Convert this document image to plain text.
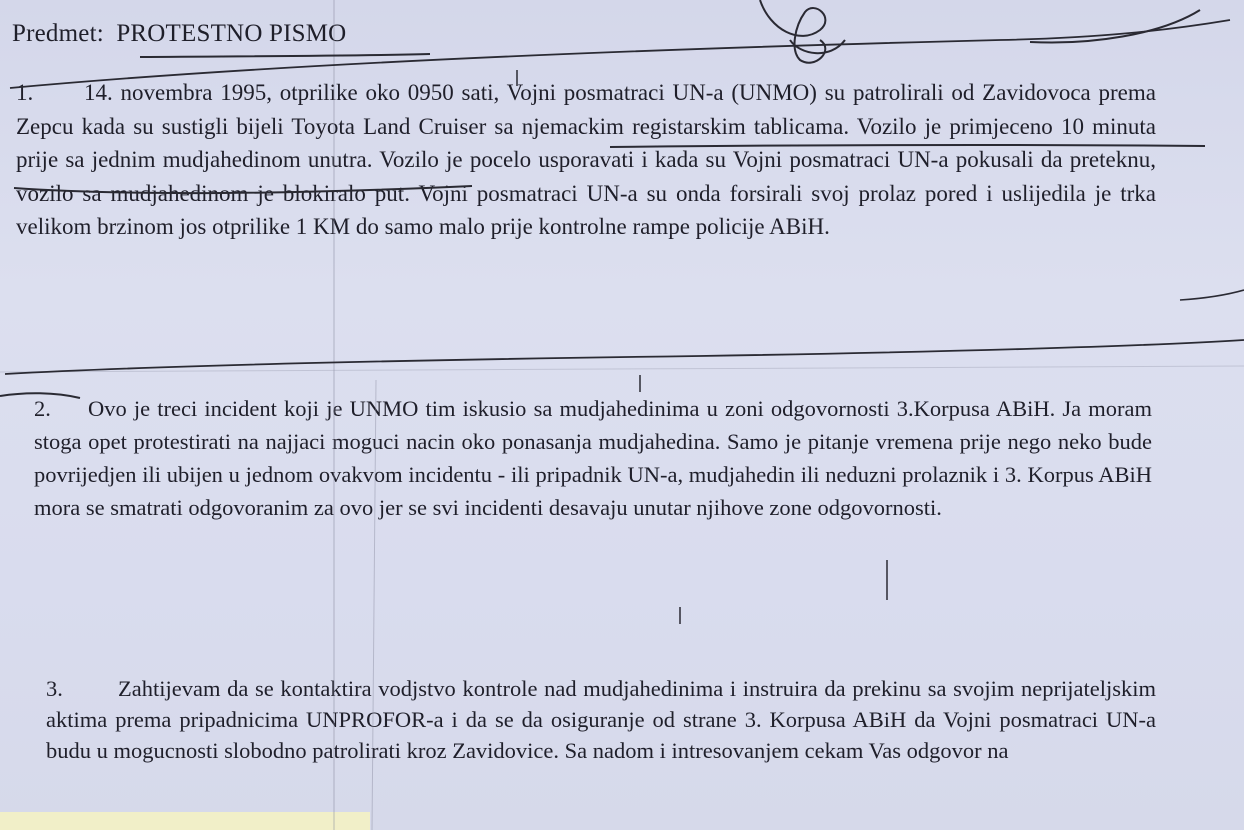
Predmet: PROTESTNO PISMO
1. 14. novembra 1995, otprilike oko 0950 sati, Vojni posmatraci UN-a (UNMO) su patrolirali od Zavidovoca prema Zepcu kada su sustigli bijeli Toyota Land Cruiser sa njemackim registarskim tablicama. Vozilo je primjeceno 10 minuta prije sa jednim mudjahedinom unutra. Vozilo je pocelo usporavati i kada su Vojni posmatraci UN-a pokusali da preteknu, vozilo sa mudjahedinom je blokiralo put. Vojni posmatraci UN-a su onda forsirali svoj prolaz pored i uslijedila je trka velikom brzinom jos otprilike 1 KM do samo malo prije kontrolne rampe policije ABiH.
2. Ovo je treci incident koji je UNMO tim iskusio sa mudjahedinima u zoni odgovornosti 3.Korpusa ABiH. Ja moram stoga opet protestirati na najjaci moguci nacin oko ponasanja mudjahedina. Samo je pitanje vremena prije nego neko bude povrijedjen ili ubijen u jednom ovakvom incidentu - ili pripadnik UN-a, mudjahedin ili neduzni prolaznik i 3. Korpus ABiH mora se smatrati odgovoranim za ovo jer se svi incidenti desavaju unutar njihove zone odgovornosti.
3. Zahtijevam da se kontaktira vodjstvo kontrole nad mudjahedinima i instruira da prekinu sa svojim neprijateljskim aktima prema pripadnicima UNPROFOR-a i da se da osiguranje od strane 3. Korpusa ABiH da Vojni posmatraci UN-a budu u mogucnosti slobodno patrolirati kroz Zavidovice. Sa nadom i intresovanjem cekam Vas odgovor na
